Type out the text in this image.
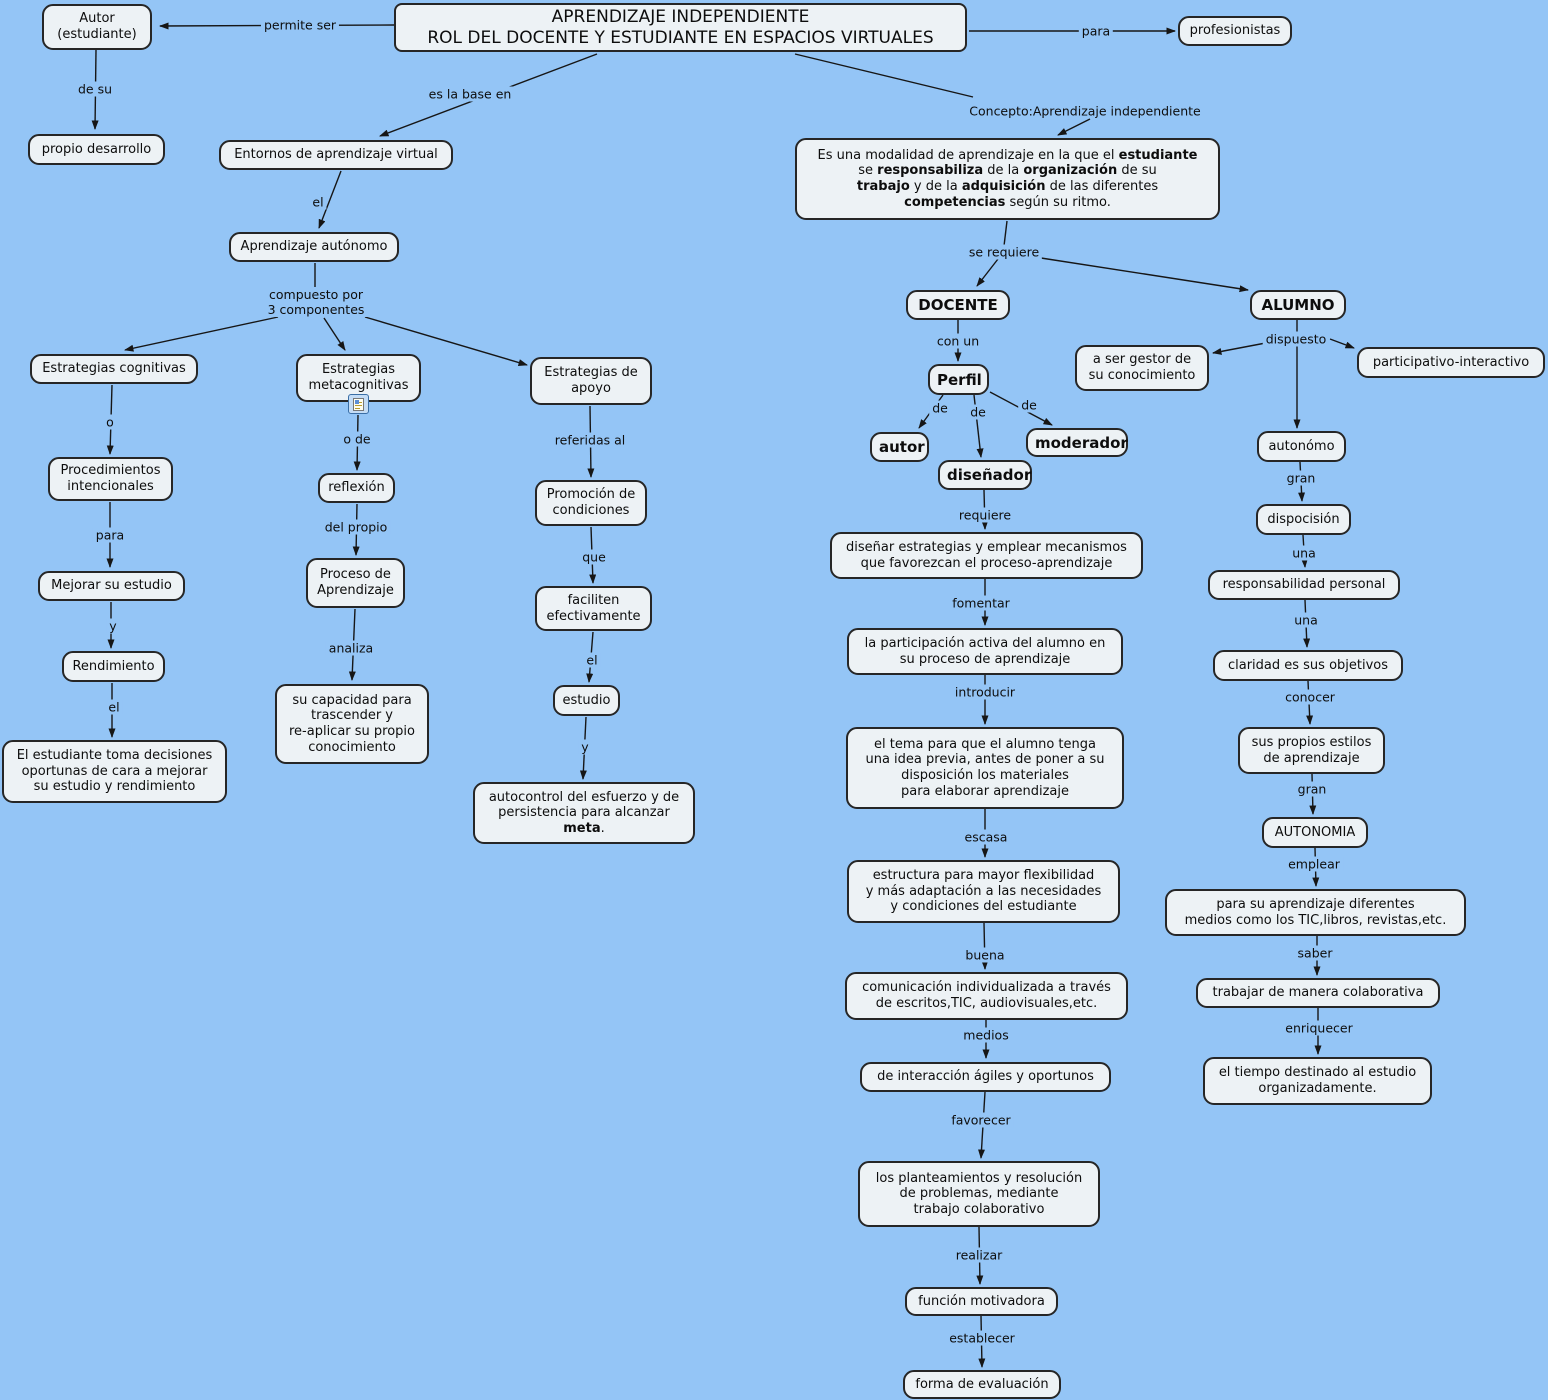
Autor
(estudiante)
APRENDIZAJE INDEPENDIENTE
ROL DEL DOCENTE Y ESTUDIANTE EN ESPACIOS VIRTUALES	profesionistas
propio desarrollo	Entornos de aprendizaje virtual
Aprendizaje autónomo
Estrategias cognitivas	Estrategias
metacognitivas
Estrategias de
apoyo
Procedimientos
intencionales	reflexión	Promoción de
condiciones
Mejorar su estudio
Proceso de
Aprendizaje
faciliten
efectivamente
Rendimiento
estudio
El estudiante toma decisiones
oportunas de cara a mejorar
su estudio y rendimiento
su capacidad para
trascender y
re-aplicar su propio
conocimiento
autocontrol del esfuerzo y de
persistencia para alcanzar
meta.
Es una modalidad de aprendizaje en la que el estudiante
se responsabiliza de la organización de su
trabajo y de la adquisición de las diferentes
competencias según su ritmo.
DOCENTE	ALUMNO
Perfil
a ser gestor de
su conocimiento
participativo-interactivo
autor	moderador
diseñador
autonómo
dispocisión
diseñar estrategias y emplear mecanismos
que favorezcan el proceso-aprendizaje
responsabilidad personal
la participación activa del alumno en
su proceso de aprendizaje	claridad es sus objetivos
el tema para que el alumno tenga
una idea previa, antes de poner a su
disposición los materiales
para elaborar aprendizaje
sus propios estilos
de aprendizaje
AUTONOMIA
estructura para mayor flexibilidad
y más adaptación a las necesidades
y condiciones del estudiante	para su aprendizaje diferentes
medios como los TIC,libros, revistas,etc.
comunicación individualizada a través
de escritos,TIC, audiovisuales,etc.
trabajar de manera colaborativa
de interacción ágiles y oportunos	el tiempo destinado al estudio
organizadamente.
los planteamientos y resolución
de problemas, mediante
trabajo colaborativo
función motivadora
forma de evaluación
permite ser	para
de su	es la base en
Concepto:Aprendizaje independiente
el
compuesto por
3 componentes
se requiere
o
o de	referidas al
con un	dispuesto
de de	de
para
del propio
que
requiere
gran
y
analiza
el
fomentar
una
el
y
introducir
una
escasa
conocer
buena
gran
medios
emplear
favorecer
saber
realizar
enriquecer
establecer
